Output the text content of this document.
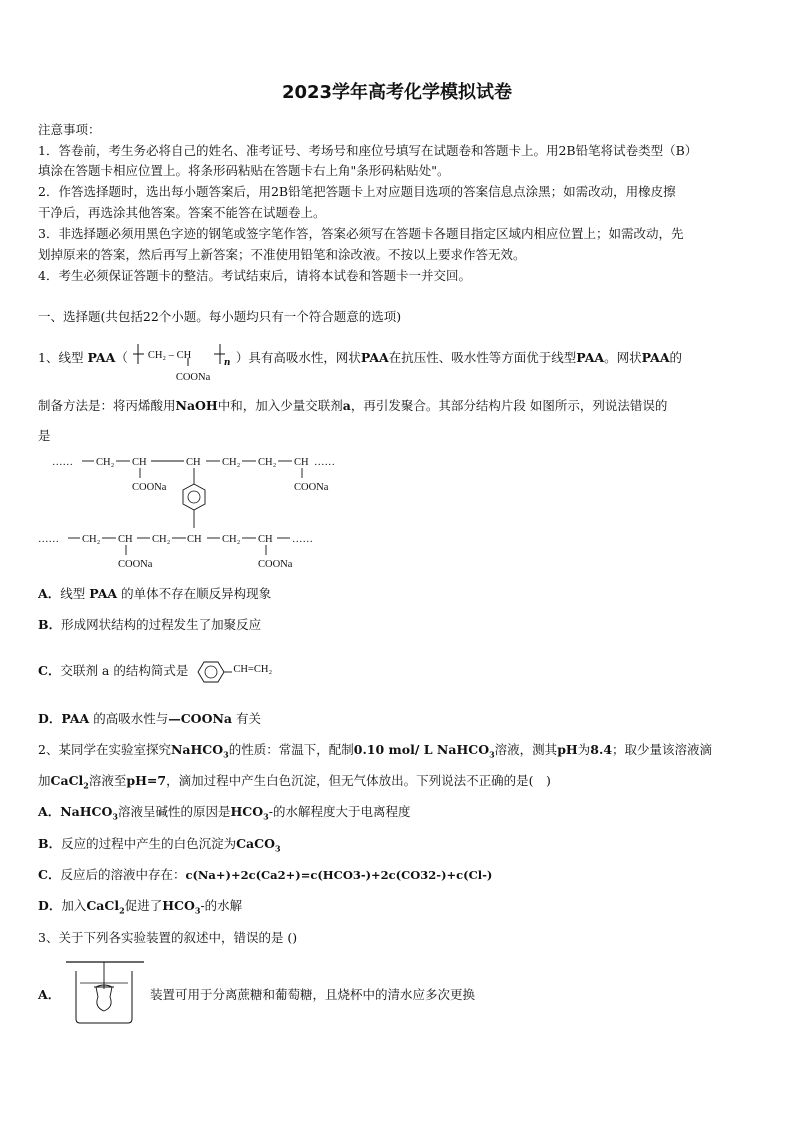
2023学年高考化学模拟试卷
注意事项：
1．答卷前，考生务必将自己的姓名、准考证号、考场号和座位号填写在试题卷和答题卡上。用2B铅笔将试卷类型（B）
填涂在答题卡相应位置上。将条形码粘贴在答题卡右上角"条形码粘贴处"。
2．作答选择题时，选出每小题答案后，用2B铅笔把答题卡上对应题目选项的答案信息点涂黑；如需改动，用橡皮擦
干净后，再选涂其他答案。答案不能答在试题卷上。
3．非选择题必须用黑色字迹的钢笔或签字笔作答，答案必须写在答题卡各题目指定区域内相应位置上；如需改动，先
划掉原来的答案，然后再写上新答案；不准使用铅笔和涂改液。不按以上要求作答无效。
4．考生必须保证答题卡的整洁。考试结束后，请将本试卷和答题卡一并交回。
一、选择题(共包括22个小题。每小题均只有一个符合题意的选项)
1、线型 PAA（ CH₂ – CH
n
COONa
）具有高吸水性，网状PAA在抗压性、吸水性等方面优于线型PAA。网状PAA的
制备方法是：将丙烯酸用NaOH中和，加入少量交联剂a，再引发聚合。其部分结构片段 如图所示，列说法错误的
是
…… CH₂ CH
COONa
CH CH₂ CH₂ CH
COONa
……
…… CH₂ CH
COONa
CH₂ CH CH₂ CH
COONa
……
A．线型 PAA 的单体不存在顺反异构现象
B．形成网状结构的过程发生了加聚反应
C．交联剂 a 的结构简式是	CH=CH₂
D．PAA 的高吸水性与—COONa 有关
2、某同学在实验室探究NaHCO$_3$的性质：常温下，配制0.10 mol/ L NaHCO$_3$溶液，测其pH为8.4；取少量该溶液滴
加CaCl$_2$溶液至pH=7，滴加过程中产生白色沉淀，但无气体放出。下列说法不正确的是(　)
A．NaHCO$_3$溶液呈碱性的原因是$HCO_3-$的水解程度大于电离程度
B．反应的过程中产生的白色沉淀为CaCO$_3$
C．反应后的溶液中存在：c(Na+)+2c(Ca2+)=c(HCO3-)+2c(CO32-)+c(Cl-)
D．加入CaCl$_2$促进了$HCO_3-$的水解
3、关于下列各实验装置的叙述中，错误的是 ()
A．	装置可用于分离蔗糖和葡萄糖，且烧杯中的清水应多次更换
